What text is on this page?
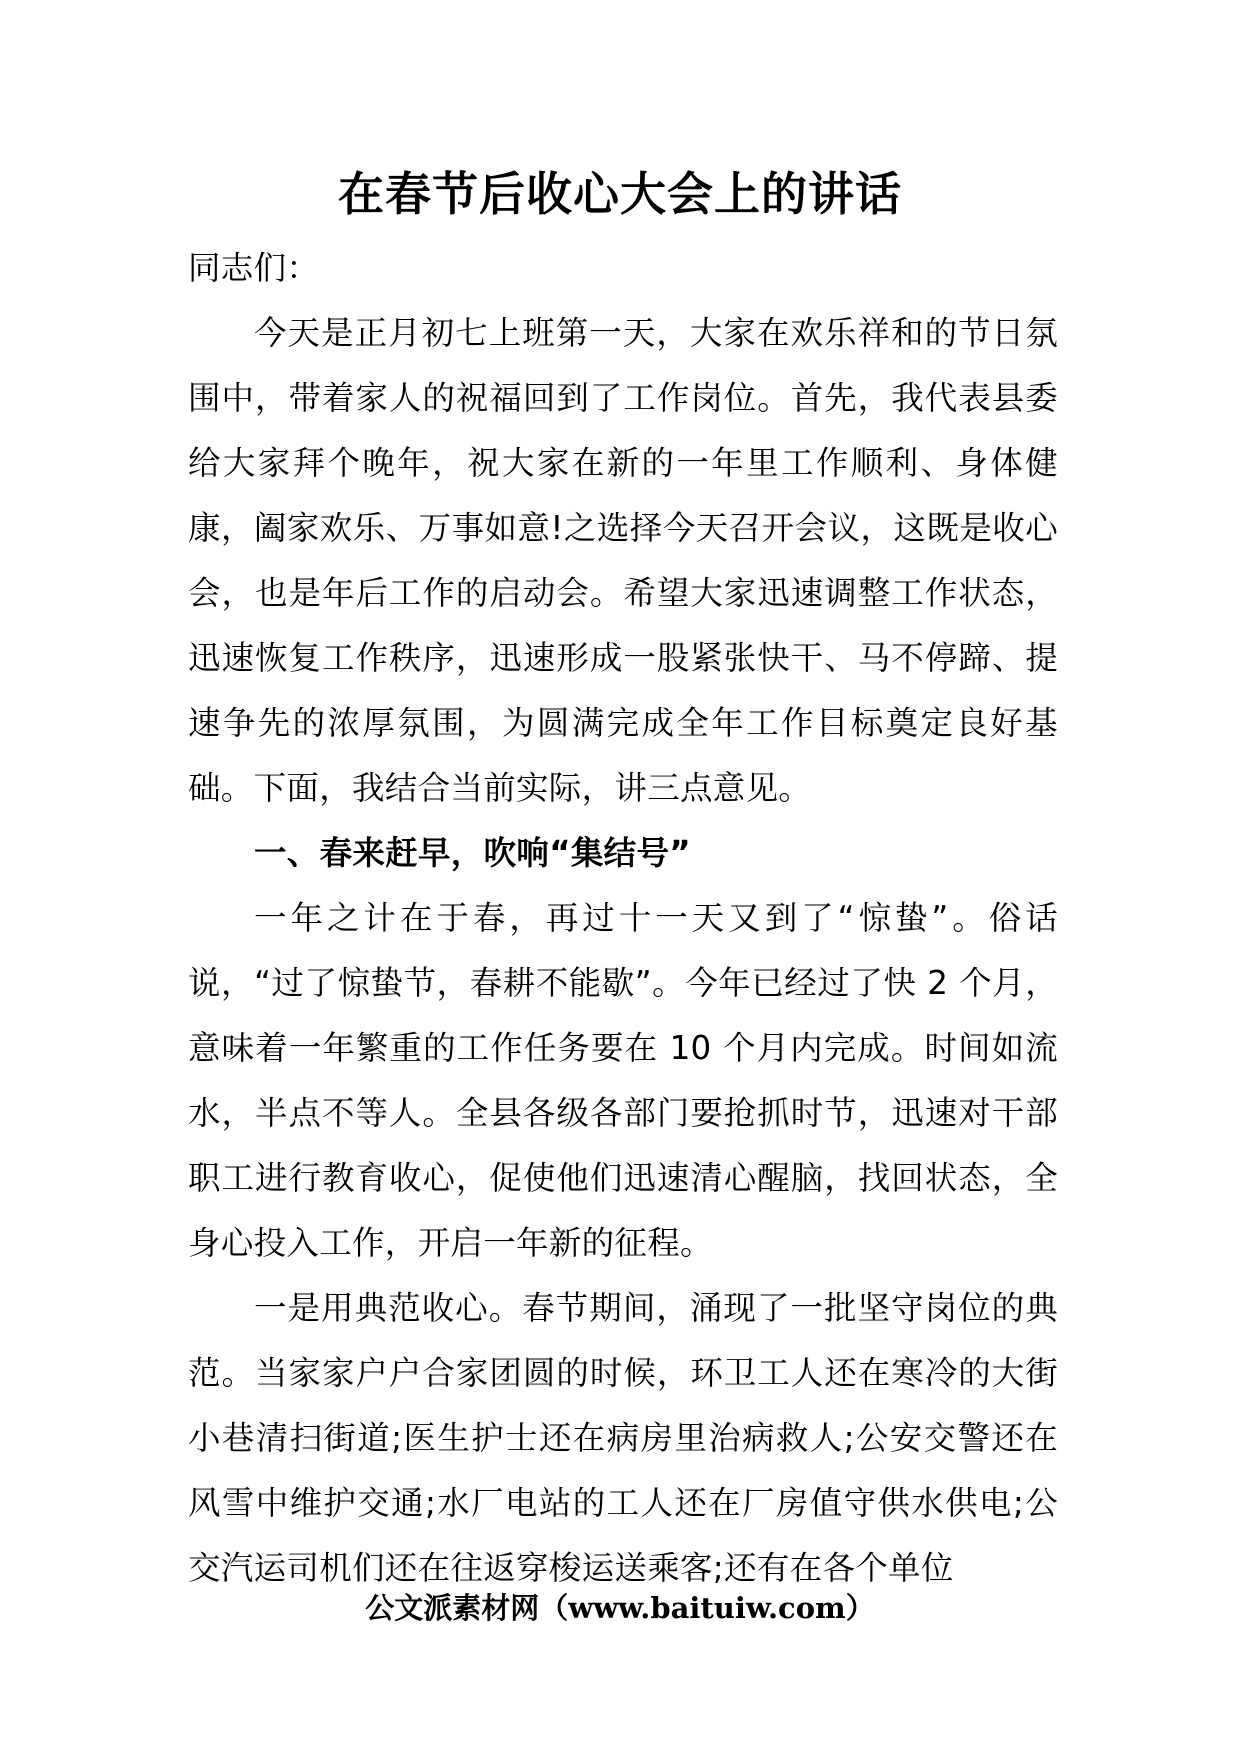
在春节后收心大会上的讲话

同志们：

今天是正月初七上班第一天，大家在欢乐祥和的节日氛围中，带着家人的祝福回到了工作岗位。首先，我代表县委给大家拜个晚年，祝大家在新的一年里工作顺利、身体健康，阖家欢乐、万事如意!之选择今天召开会议，这既是收心会，也是年后工作的启动会。希望大家迅速调整工作状态，迅速恢复工作秩序，迅速形成一股紧张快干、马不停蹄、提速争先的浓厚氛围，为圆满完成全年工作目标奠定良好基础。下面，我结合当前实际，讲三点意见。

一、春来赶早，吹响“集结号”

一年之计在于春，再过十一天又到了“惊蛰”。俗话说，“过了惊蛰节，春耕不能歇”。今年已经过了快 2 个月，意味着一年繁重的工作任务要在 10 个月内完成。时间如流水，半点不等人。全县各级各部门要抢抓时节，迅速对干部职工进行教育收心，促使他们迅速清心醒脑，找回状态，全身心投入工作，开启一年新的征程。

一是用典范收心。春节期间，涌现了一批坚守岗位的典范。当家家户户合家团圆的时候，环卫工人还在寒冷的大街小巷清扫街道;医生护士还在病房里治病救人;公安交警还在风雪中维护交通;水厂电站的工人还在厂房值守供水供电;公交汽运司机们还在往返穿梭运送乘客;还有在各个单位

公文派素材网（www.baituiw.com）
